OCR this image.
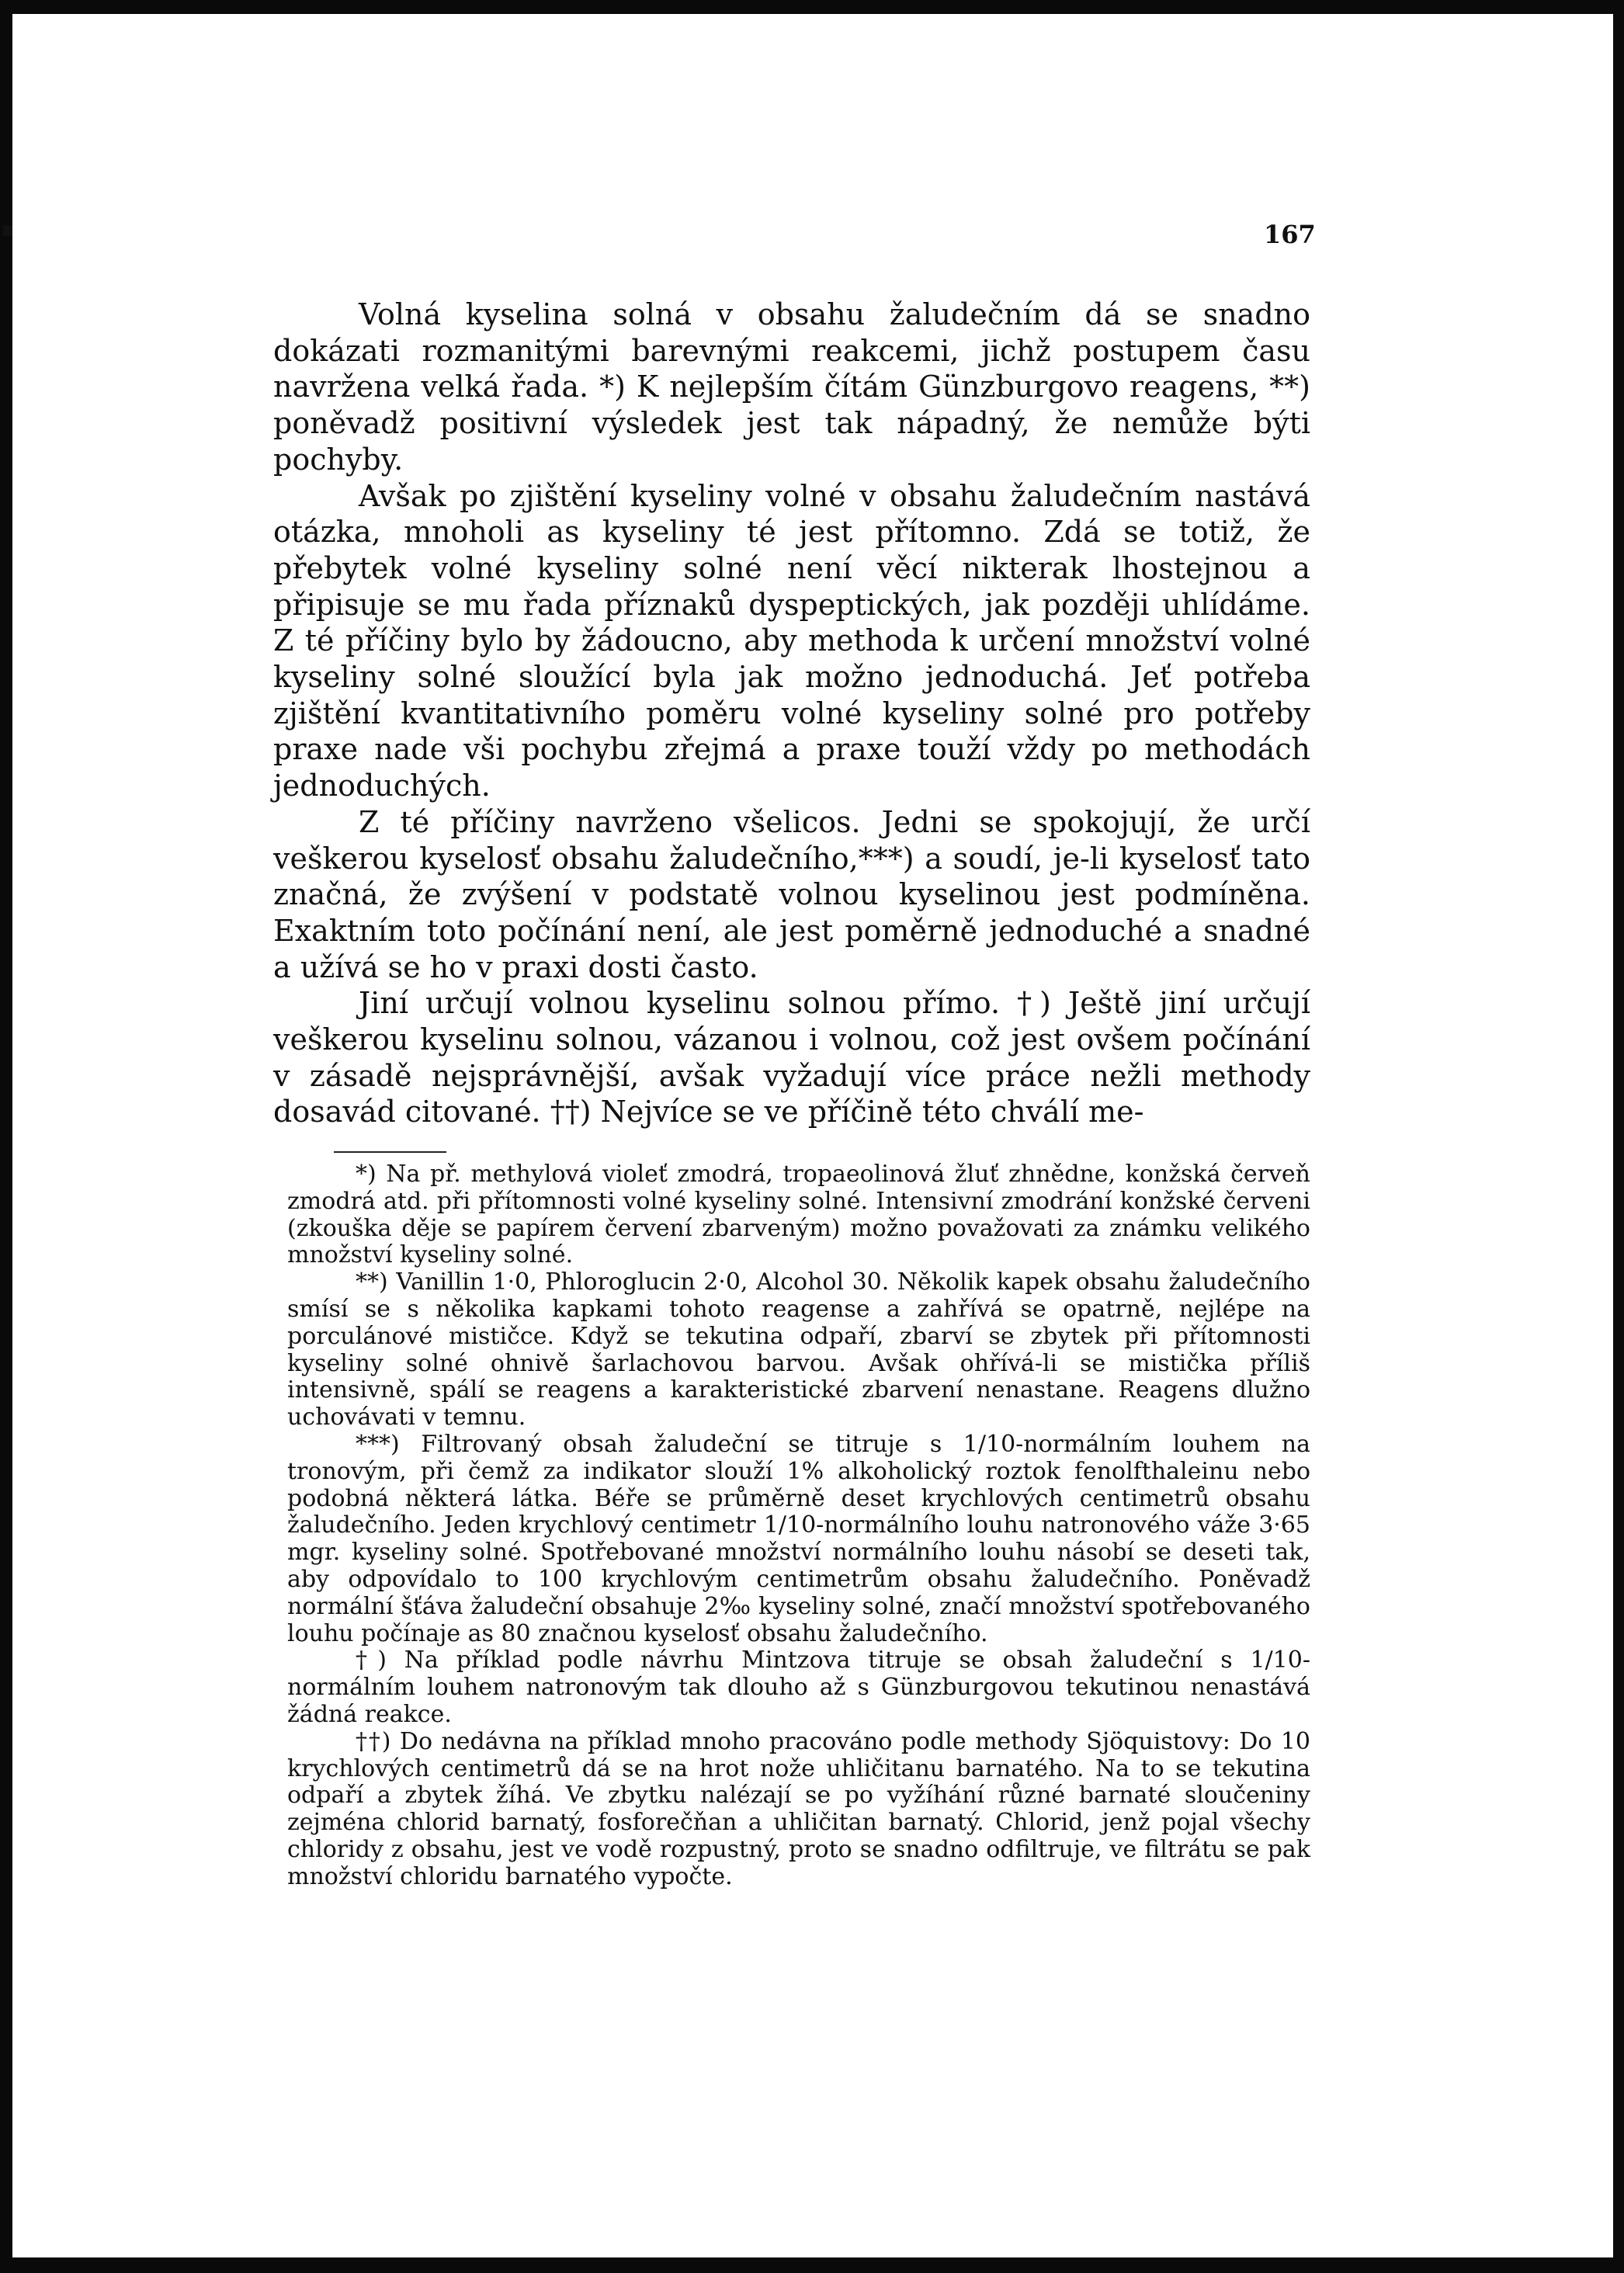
167

Volná kyselina solná v obsahu žaludečním dá se snadno dokázati rozmanitými barevnými reakcemi, jichž postupem času navržena velká řada. *) K nejlepším čítám Günzburgovo reagens, **) poněvadž positivní výsledek jest tak nápadný, že nemůže býti pochyby.

Avšak po zjištění kyseliny volné v obsahu žaludečním nastává otázka, mnoholi as kyseliny té jest přítomno. Zdá se totiž, že přebytek volné kyseliny solné není věcí nikterak lhostejnou a připisuje se mu řada příznaků dyspeptických, jak později uhlídáme. Z té příčiny bylo by žádoucno, aby methoda k určení množství volné kyseliny solné sloužící byla jak možno jednoduchá. Jeť potřeba zjištění kvantitativního poměru volné kyseliny solné pro potřeby praxe nade vši pochybu zřejmá a praxe touží vždy po methodách jednoduchých.

Z té příčiny navrženo všelicos. Jedni se spokojují, že určí veškerou kyselosť obsahu žaludečního,***) a soudí, je-li kyselosť tato značná, že zvýšení v podstatě volnou kyselinou jest podmíněna. Exaktním toto počínání není, ale jest poměrně jednoduché a snadné a užívá se ho v praxi dosti často.

Jiní určují volnou kyselinu solnou přímo. †) Ještě jiní určují veškerou kyselinu solnou, vázanou i volnou, což jest ovšem počínání v zásadě nejsprávnější, avšak vyžadují více práce nežli methody dosavád citované. ††) Nejvíce se ve příčině této chválí me-

*) Na př. methylová violeť zmodrá, tropaeolinová žluť zhnědne, konžská červeň zmodrá atd. při přítomnosti volné kyseliny solné. Intensivní zmodrání konžské červeni (zkouška děje se papírem červení zbarveným) možno považovati za známku velikého množství kyseliny solné.

**) Vanillin 1·0, Phloroglucin 2·0, Alcohol 30. Několik kapek obsahu žaludečního smísí se s několika kapkami tohoto reagense a zahřívá se opatrně, nejlépe na porculánové mističce. Když se tekutina odpaří, zbarví se zbytek při přítomnosti kyseliny solné ohnivě šarlachovou barvou. Avšak ohřívá-li se mistička příliš intensivně, spálí se reagens a karakteristické zbarvení nenastane. Reagens dlužno uchovávati v temnu.

***) Filtrovaný obsah žaludeční se titruje s 1/10-normálním louhem na tronovým, při čemž za indikator slouží 1% alkoholický roztok fenolfthaleinu nebo podobná některá látka. Béře se průměrně deset krychlových centimetrů obsahu žaludečního. Jeden krychlový centimetr 1/10-normálního louhu natronového váže 3·65 mgr. kyseliny solné. Spotřebované množství normálního louhu násobí se deseti tak, aby odpovídalo to 100 krychlovým centimetrům obsahu žaludečního. Poněvadž normální šťáva žaludeční obsahuje 2‰ kyseliny solné, značí množství spotřebovaného louhu počínaje as 80 značnou kyselosť obsahu žaludečního.

†) Na příklad podle návrhu Mintzova titruje se obsah žaludeční s 1/10-normálním louhem natronovým tak dlouho až s Günzburgovou tekutinou nenastává žádná reakce.

††) Do nedávna na příklad mnoho pracováno podle methody Sjöquistovy: Do 10 krychlových centimetrů dá se na hrot nože uhličitanu barnatého. Na to se tekutina odpaří a zbytek žíhá. Ve zbytku nalézají se po vyžíhání různé barnaté sloučeniny zejména chlorid barnatý, fosforečňan a uhličitan barnatý. Chlorid, jenž pojal všechy chloridy z obsahu, jest ve vodě rozpustný, proto se snadno odfiltruje, ve filtrátu se pak množství chloridu barnatého vypočte.
